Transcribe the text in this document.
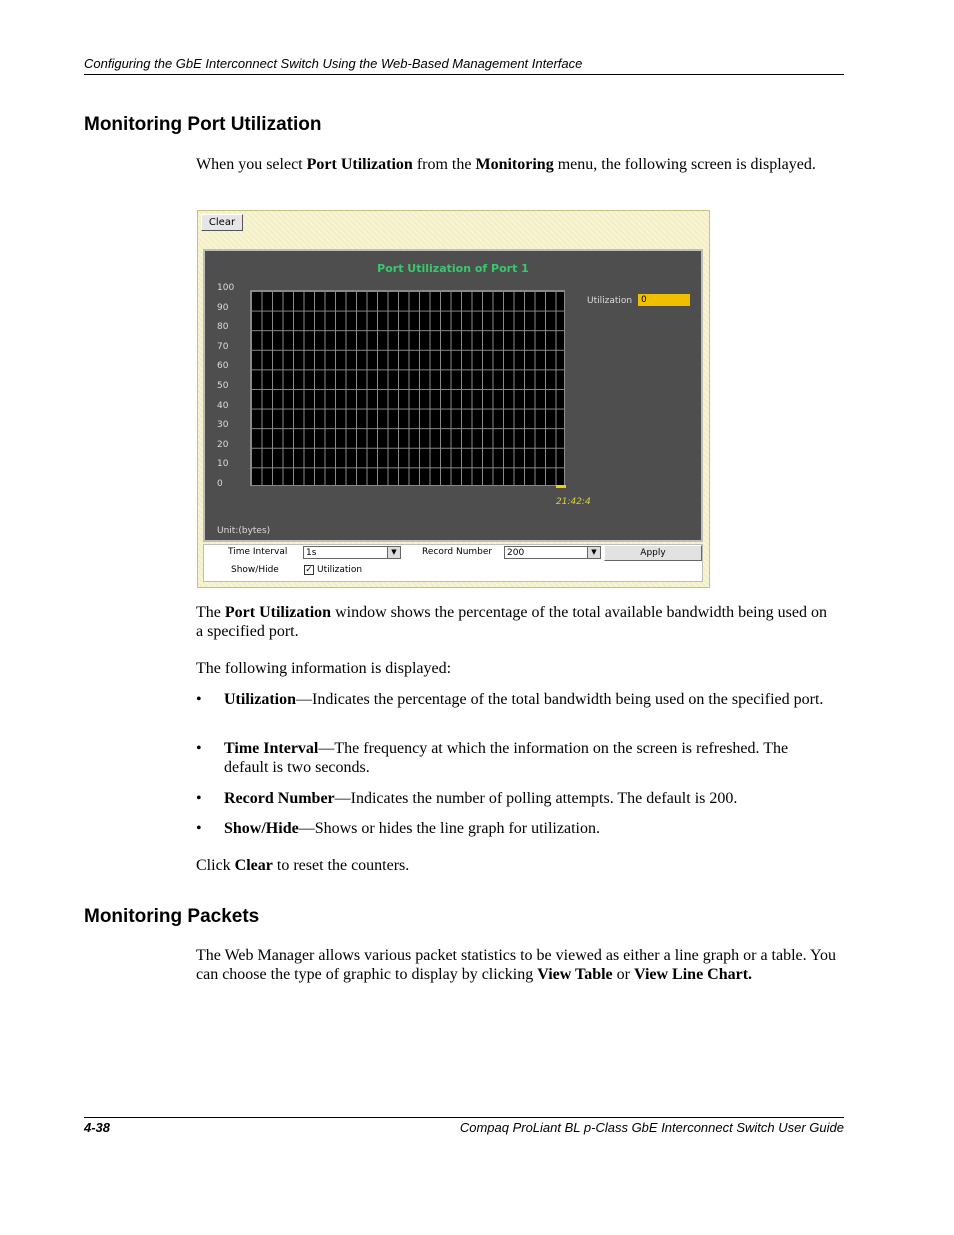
Configuring the GbE Interconnect Switch Using the Web-Based Management Interface
Monitoring Port Utilization

When you select Port Utilization from the Monitoring menu, the following screen is displayed.

Clear
Port Utilization of Port 1
100
90
80
70
60
50
40
30
20
10
0
21:42:4
Unit:(bytes)
Utilization 0
Time Interval	1s	▼	Record Number	200	▼	Apply
Show/Hide	✓ Utilization

The Port Utilization window shows the percentage of the total available bandwidth being used on a specified port.

The following information is displayed:

• Utilization—Indicates the percentage of the total bandwidth being used on the specified port.
• Time Interval—The frequency at which the information on the screen is refreshed. The default is two seconds.
• Record Number—Indicates the number of polling attempts. The default is 200.
• Show/Hide—Shows or hides the line graph for utilization.

Click Clear to reset the counters.

Monitoring Packets

The Web Manager allows various packet statistics to be viewed as either a line graph or a table. You can choose the type of graphic to display by clicking View Table or View Line Chart.

4-38	Compaq ProLiant BL p-Class GbE Interconnect Switch User Guide
